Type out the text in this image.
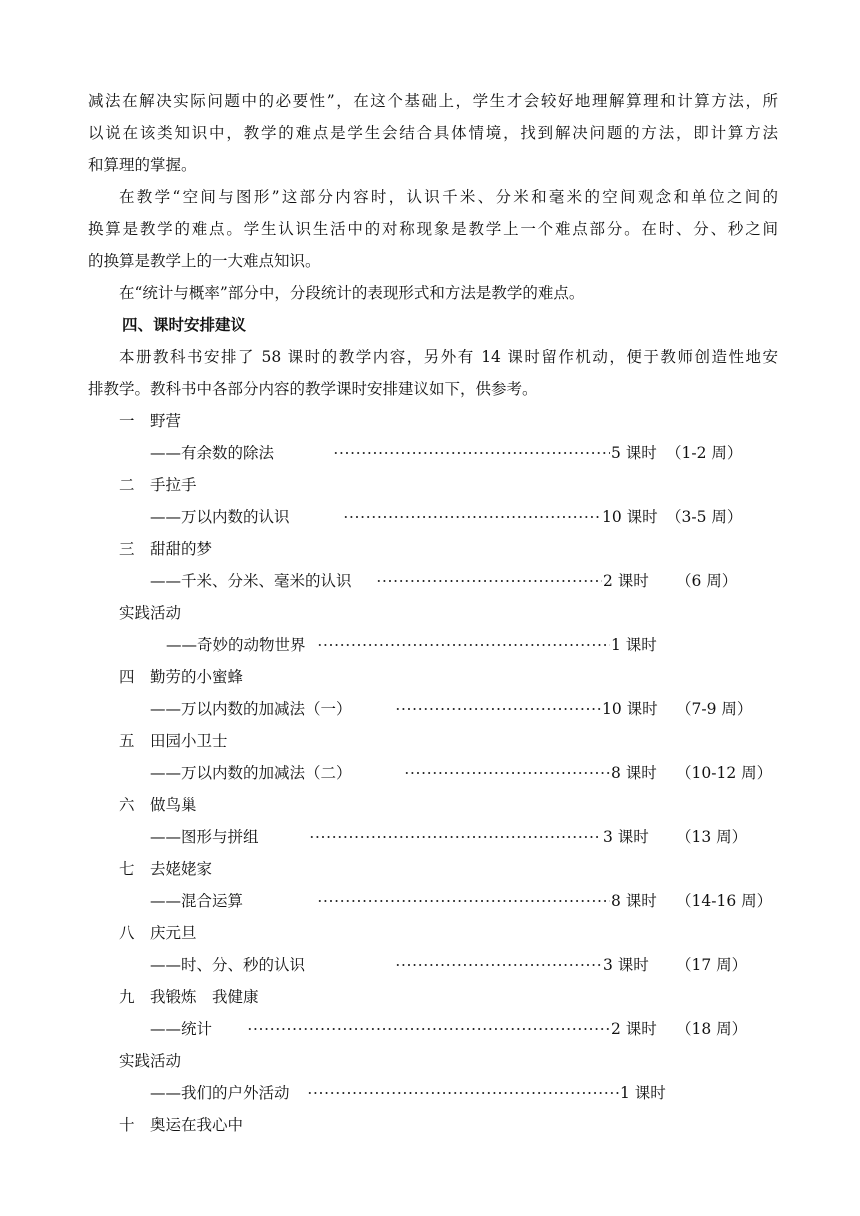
减法在解决实际问题中的必要性”，在这个基础上，学生才会较好地理解算理和计算方法，所
以说在该类知识中，教学的难点是学生会结合具体情境，找到解决问题的方法，即计算方法
和算理的掌握。
在教学“空间与图形”这部分内容时，认识千米、分米和毫米的空间观念和单位之间的
换算是教学的难点。学生认识生活中的对称现象是教学上一个难点部分。在时、分、秒之间
的换算是教学上的一大难点知识。
在“统计与概率”部分中，分段统计的表现形式和方法是教学的难点。
四、课时安排建议
本册教科书安排了 58 课时的教学内容，另外有 14 课时留作机动，便于教师创造性地安
排教学。教科书中各部分内容的教学课时安排建议如下，供参考。
一　野营
——有余数的除法	5 课时 （1-2 周）
二　手拉手
——万以内数的认识	10 课时 （3-5 周）
三　甜甜的梦
——千米、分米、毫米的认识	2 课时 （6 周）
实践活动
——奇妙的动物世界	1 课时
四　勤劳的小蜜蜂
——万以内数的加减法（一）	10 课时 （7-9 周）
五　田园小卫士
——万以内数的加减法（二）	8 课时 （10-12 周）
六　做鸟巢
——图形与拼组	3 课时 （13 周）
七　去姥姥家
——混合运算	8 课时 （14-16 周）
八　庆元旦
——时、分、秒的认识	3 课时 （17 周）
九　我锻炼　我健康
——统计	2 课时 （18 周）
实践活动
——我们的户外活动	1 课时
十　奥运在我心中
